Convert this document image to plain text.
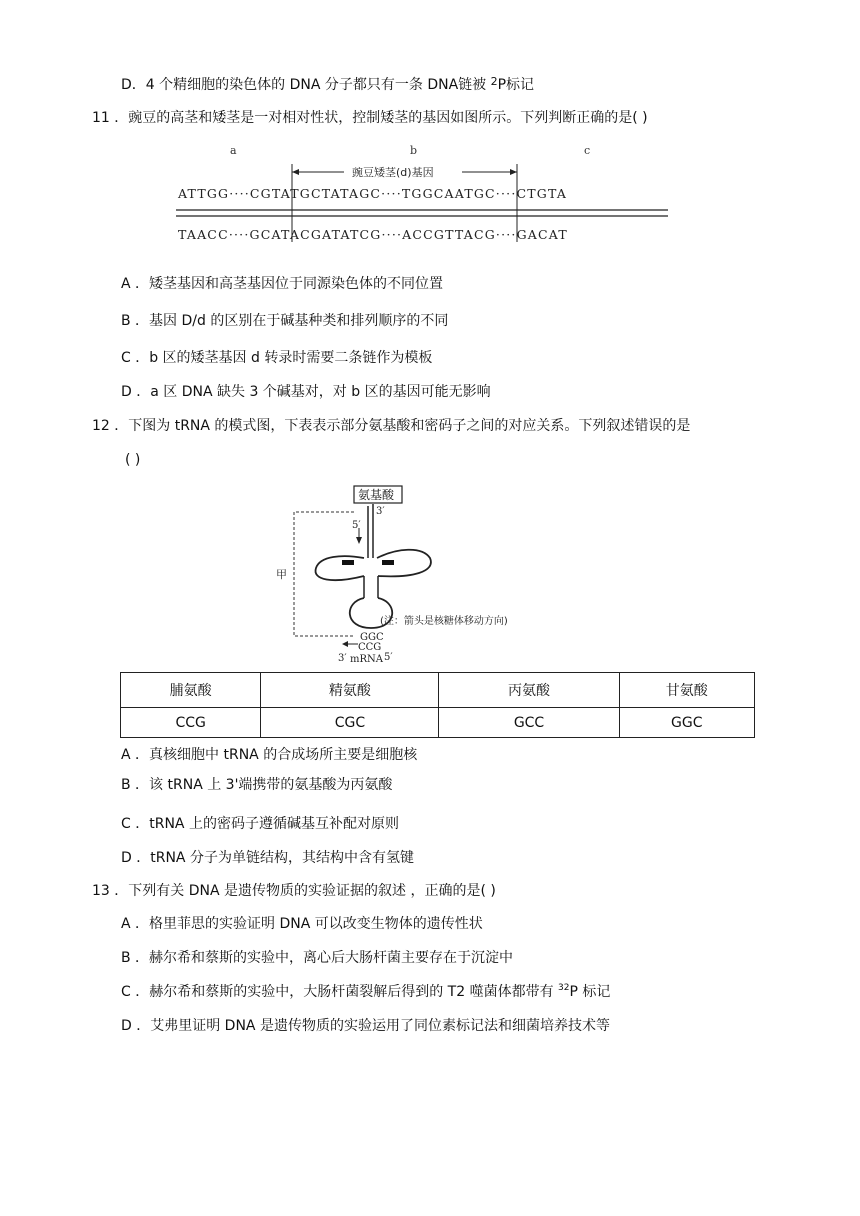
D．4 个精细胞的染色体的 DNA 分子都只有一条 DNA链被 $^2$P标记
11 ．豌豆的高茎和矮茎是一对相对性状，控制矮茎的基因如图所示。下列判断正确的是( )
a	b	c
豌豆矮茎(d)基因
ATTGG····CGTATGCTATAGC····TGGCAATGC····CTGTA
TAACC····GCATACGATATCG····ACCGTTACG····GACAT
A ．矮茎基因和高茎基因位于同源染色体的不同位置
B ．基因 D/d 的区别在于碱基种类和排列顺序的不同
C ．b 区的矮茎基因 d 转录时需要二条链作为模板
D ．a 区 DNA 缺失 3 个碱基对，对 b 区的基因可能无影响
12 ．下图为 tRNA 的模式图，下表表示部分氨基酸和密码子之间的对应关系。下列叙述错误的是
( )
氨基酸
3′
5′
甲
(注：箭头是核糖体移动方向)
GGC
CCG
3′ mRNA 5′
脯氨酸	精氨酸	丙氨酸	甘氨酸
CCG	CGC	GCC	GGC
A ．真核细胞中 tRNA 的合成场所主要是细胞核
B ．该 tRNA 上 3'端携带的氨基酸为丙氨酸
C ．tRNA 上的密码子遵循碱基互补配对原则
D ．tRNA 分子为单链结构，其结构中含有氢键
13 ．下列有关 DNA 是遗传物质的实验证据的叙述 ，正确的是( )
A ．格里菲思的实验证明 DNA 可以改变生物体的遗传性状
B ．赫尔希和蔡斯的实验中，离心后大肠杆菌主要存在于沉淀中
C ．赫尔希和蔡斯的实验中，大肠杆菌裂解后得到的 T2 噬菌体都带有 $^{32}$P 标记
D ．艾弗里证明 DNA 是遗传物质的实验运用了同位素标记法和细菌培养技术等
